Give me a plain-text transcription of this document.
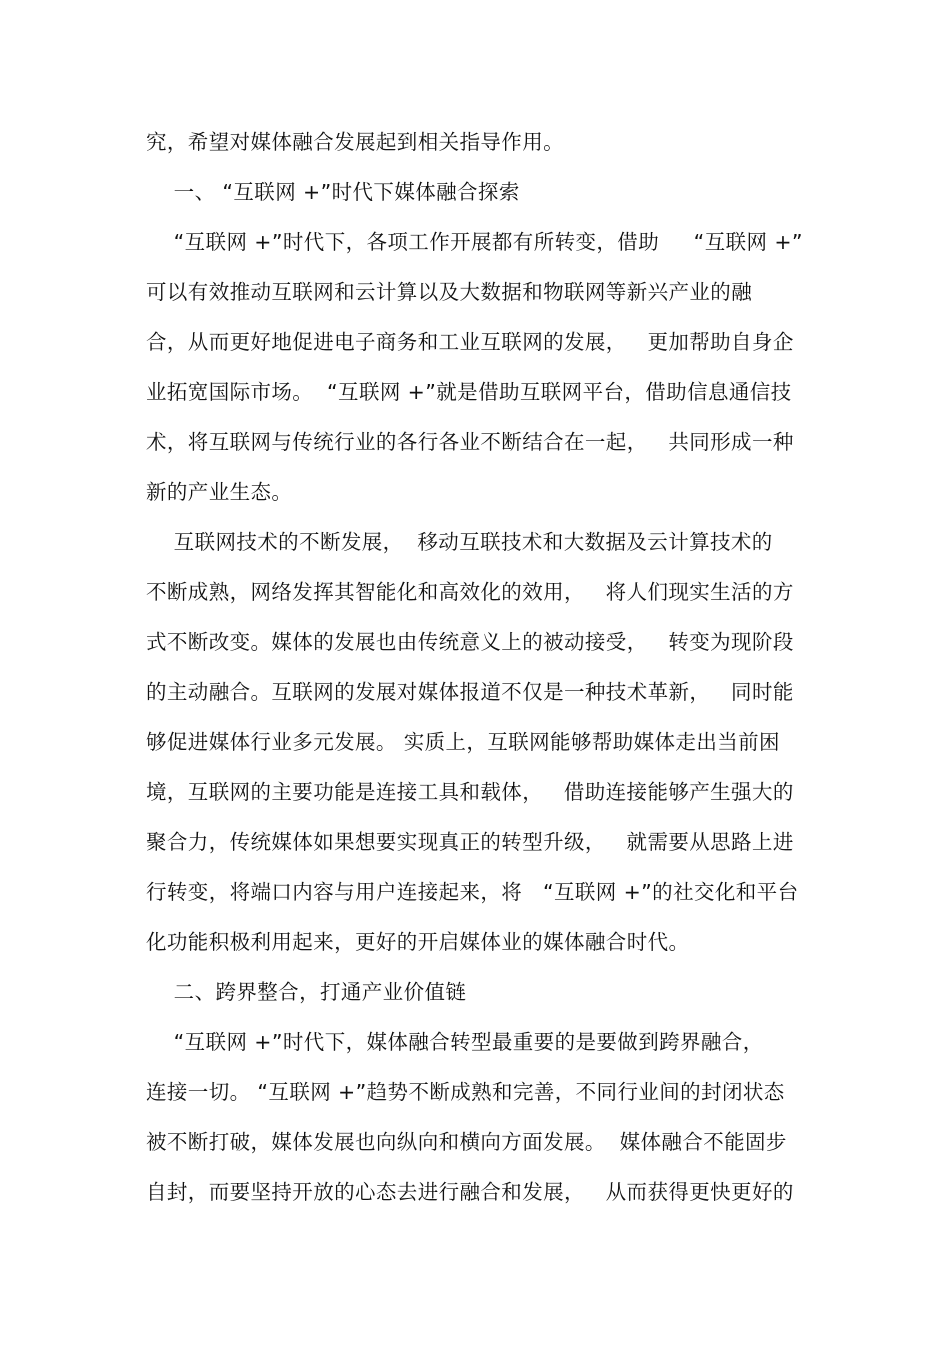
究，希望对媒体融合发展起到相关指导作用。
一、 “互联网 +”时代下媒体融合探索
“互联网 +”时代下，各项工作开展都有所转变，借助     “互联网 +”
可以有效推动互联网和云计算以及大数据和物联网等新兴产业的融
合，从而更好地促进电子商务和工业互联网的发展，   更加帮助自身企
业拓宽国际市场。  “互联网 +”就是借助互联网平台，借助信息通信技
术，将互联网与传统行业的各行各业不断结合在一起，   共同形成一种
新的产业生态。
互联网技术的不断发展，  移动互联技术和大数据及云计算技术的
不断成熟，网络发挥其智能化和高效化的效用，   将人们现实生活的方
式不断改变。媒体的发展也由传统意义上的被动接受，   转变为现阶段
的主动融合。互联网的发展对媒体报道不仅是一种技术革新，   同时能
够促进媒体行业多元发展。 实质上，互联网能够帮助媒体走出当前困
境，互联网的主要功能是连接工具和载体，   借助连接能够产生强大的
聚合力，传统媒体如果想要实现真正的转型升级，   就需要从思路上进
行转变，将端口内容与用户连接起来，将   “互联网 +”的社交化和平台
化功能积极利用起来，更好的开启媒体业的媒体融合时代。
二、跨界整合，打通产业价值链
“互联网 +”时代下，媒体融合转型最重要的是要做到跨界融合，
连接一切。 “互联网 +”趋势不断成熟和完善，不同行业间的封闭状态
被不断打破，媒体发展也向纵向和横向方面发展。  媒体融合不能固步
自封，而要坚持开放的心态去进行融合和发展，   从而获得更快更好的
